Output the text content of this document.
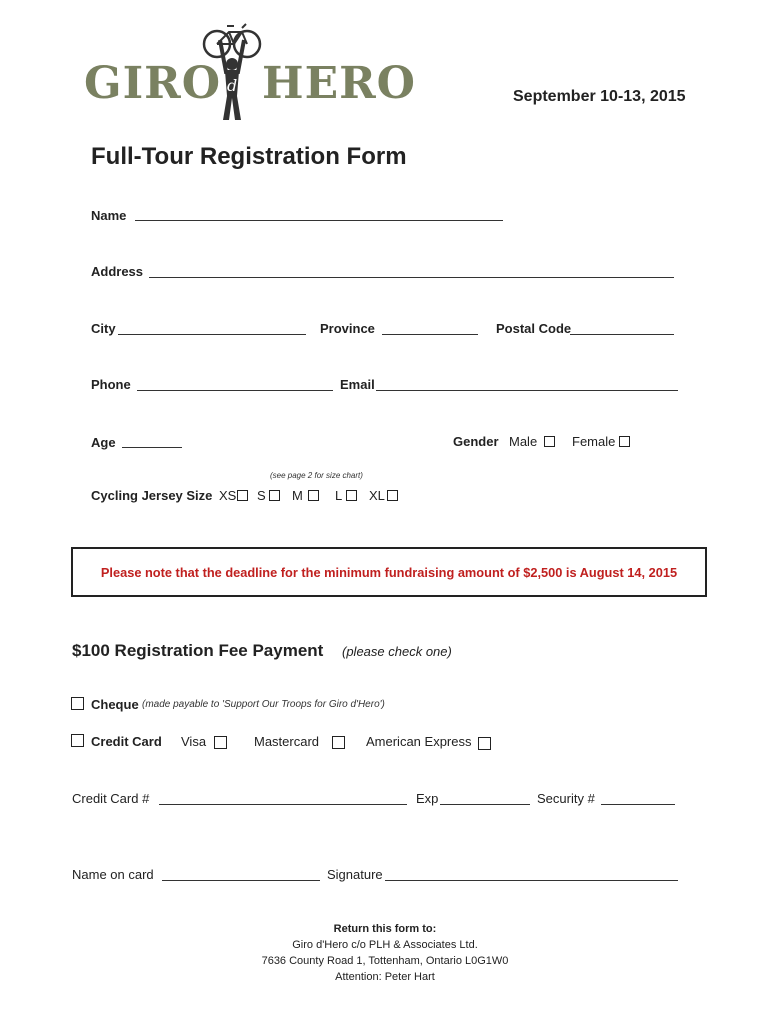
GIRO d' HERO	September 10-13, 2015
Full-Tour Registration Form
Name
Address
City	Province	Postal Code
Phone	Email
Age	Gender Male	Female
(see page 2 for size chart)
Cycling Jersey Size XS S M L XL
Please note that the deadline for the minimum fundraising amount of $2,500 is August 14, 2015
$100 Registration Fee Payment (please check one)
Cheque (made payable to 'Support Our Troops for Giro d'Hero')
Credit Card Visa	Mastercard	American Express
Credit Card #	Exp	Security #
Name on card	Signature
Return this form to:
Giro d'Hero c/o PLH & Associates Ltd.
7636 County Road 1, Tottenham, Ontario L0G1W0
Attention: Peter Hart
